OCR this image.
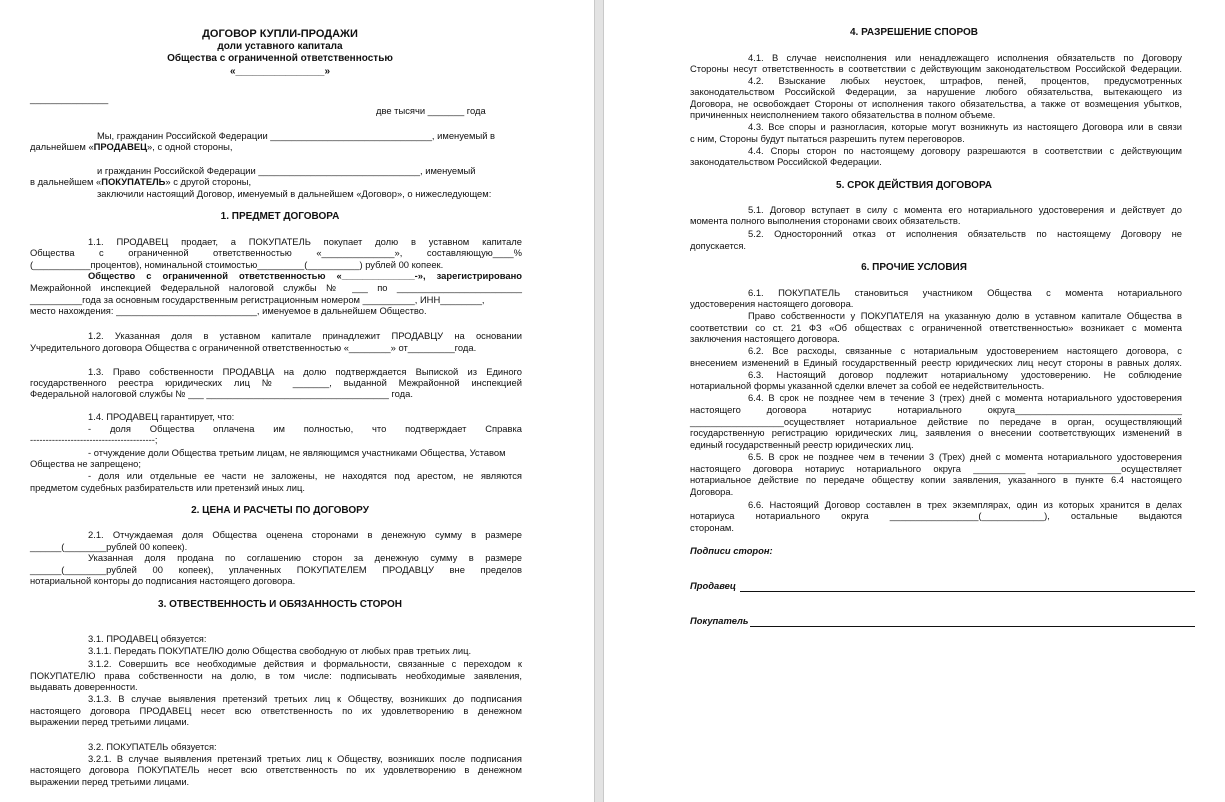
ДОГОВОР КУПЛИ-ПРОДАЖИ
доли уставного капитала
Общества с ограниченной ответственностью
«________________»
_______________
две тысячи _______ года
Мы, гражданин Российской Федерации _______________________________, именуемый в
дальнейшем «ПРОДАВЕЦ», с одной стороны,
и гражданин Российской Федерации _______________________________, именуемый
в дальнейшем «ПОКУПАТЕЛЬ» с другой стороны,
заключили настоящий Договор, именуемый в дальнейшем «Договор», о нижеследующем:
1. ПРЕДМЕТ ДОГОВОРА
1.1. ПРОДАВЕЦ продает, а ПОКУПАТЕЛЬ покупает долю в уставном капитале
Общества с ограниченной ответственностью «______________», составляющую____%
(___________процентов), номинальной стоимостью_________(__________) рублей 00 копеек.
Общество с ограниченной ответственностью «______________-», зарегистрировано
Межрайонной инспекцией Федеральной налоговой службы № ___ по ________________________
__________года за основным государственным регистрационным номером __________, ИНН________,
место нахождения: ___________________________, именуемое в дальнейшем Общество.
1.2. Указанная доля в уставном капитале принадлежит ПРОДАВЦУ на основании
Учредительного договора Общества с ограниченной ответственностью «________» от_________года.
1.3. Право собственности ПРОДАВЦА на долю подтверждается Выпиской из Единого
государственного реестра юридических лиц № _______, выданной Межрайонной инспекцией
Федеральной налоговой службы № ___ ___________________________________ года.
1.4. ПРОДАВЕЦ гарантирует, что:
- доля Общества оплачена им полностью, что подтверждает Справка
----------------------------------------;
- отчуждение доли Общества третьим лицам, не являющимся участниками Общества, Уставом
Общества не запрещено;
- доля или отдельные ее части не заложены, не находятся под арестом, не являются
предметом судебных разбирательств или претензий иных лиц.
2. ЦЕНА И РАСЧЕТЫ ПО ДОГОВОРУ
2.1. Отчуждаемая доля Общества оценена сторонами в денежную сумму в размере
______(________рублей 00 копеек).
Указанная доля продана по соглашению сторон за денежную сумму в размере
______(________рублей 00 копеек), уплаченных ПОКУПАТЕЛЕМ ПРОДАВЦУ вне пределов
нотариальной конторы до подписания настоящего договора.
3. ОТВЕСТВЕННОСТЬ И ОБЯЗАННОСТЬ СТОРОН
3.1. ПРОДАВЕЦ обязуется:
3.1.1. Передать ПОКУПАТЕЛЮ долю Общества свободную от любых прав третьих лиц.
3.1.2. Совершить все необходимые действия и формальности, связанные с переходом к
ПОКУПАТЕЛЮ права собственности на долю, в том числе: подписывать необходимые заявления,
выдавать доверенности.
3.1.3. В случае выявления претензий третьих лиц к Обществу, возникших до подписания
настоящего договора ПРОДАВЕЦ несет всю ответственность по их удовлетворению в денежном
выражении перед третьими лицами.
3.2. ПОКУПАТЕЛЬ обязуется:
3.2.1. В случае выявления претензий третьих лиц к Обществу, возникших после подписания
настоящего договора ПОКУПАТЕЛЬ несет всю ответственность по их удовлетворению в денежном
выражении перед третьими лицами.
4. РАЗРЕШЕНИЕ СПОРОВ
4.1. В случае неисполнения или ненадлежащего исполнения обязательств по Договору
Стороны несут ответственность в соответствии с действующим законодательством Российской Федерации.
4.2. Взыскание любых неустоек, штрафов, пеней, процентов, предусмотренных
законодательством Российской Федерации, за нарушение любого обязательства, вытекающего из
Договора, не освобождает Стороны от исполнения такого обязательства, а также от возмещения убытков,
причиненных неисполнением такого обязательства в полном объеме.
4.3. Все споры и разногласия, которые могут возникнуть из настоящего Договора или в связи
с ним, Стороны будут пытаться разрешить путем переговоров.
4.4. Споры сторон по настоящему договору разрешаются в соответствии с действующим
законодательством Российской Федерации.
5. СРОК ДЕЙСТВИЯ ДОГОВОРА
5.1. Договор вступает в силу с момента его нотариального удостоверения и действует до
момента полного выполнения сторонами своих обязательств.
5.2. Односторонний отказ от исполнения обязательств по настоящему Договору не
допускается.
6. ПРОЧИЕ УСЛОВИЯ
6.1. ПОКУПАТЕЛЬ становиться участником Общества с момента нотариального
удостоверения настоящего договора.
Право собственности у ПОКУПАТЕЛЯ на указанную долю в уставном капитале Общества в
соответствии со ст. 21 ФЗ «Об обществах с ограниченной ответственностью» возникает с момента
заключения настоящего договора.
6.2. Все расходы, связанные с нотариальным удостоверением настоящего договора, с
внесением изменений в Единый государственный реестр юридических лиц несут стороны в равных долях.
6.3. Настоящий договор подлежит нотариальному удостоверению. Не соблюдение
нотариальной формы указанной сделки влечет за собой ее недействительность.
6.4. В срок не позднее чем в течение 3 (трех) дней с момента нотариального удостоверения
настоящего договора нотариус нотариального округа________________________________
__________________осуществляет нотариальное действие по передаче в орган, осуществляющий
государственную регистрацию юридических лиц, заявления о внесении соответствующих изменений в
единый государственный реестр юридических лиц.
6.5. В срок не позднее чем в течении 3 (Трех) дней с момента нотариального удостоверения
настоящего договора нотариус нотариального округа __________ ________________осуществляет
нотариальное действие по передаче обществу копии заявления, указанного в пункте 6.4 настоящего
Договора.
6.6. Настоящий Договор составлен в трех экземплярах, один из которых хранится в делах
нотариуса нотариального округа _________________(____________), остальные выдаются
сторонам.
Подписи сторон:
Продавец
Покупатель
